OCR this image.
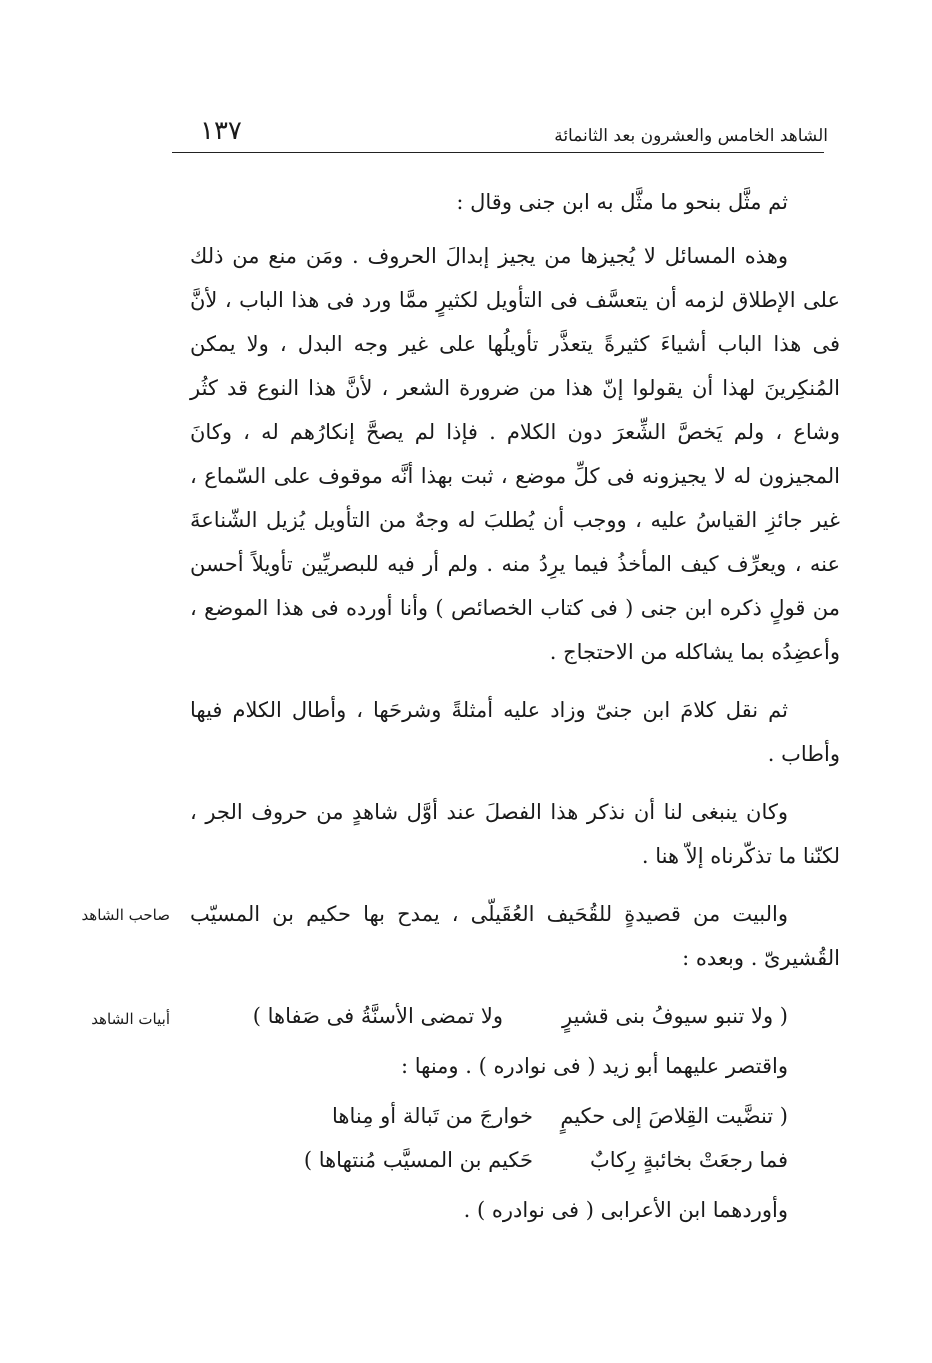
الشاهد الخامس والعشرون بعد الثانمائة
١٣٧
صاحب الشاهد
أبيات الشاهد

ثم مثَّل بنحو ما مثَّل به ابن جنى وقال :

وهذه المسائل لا يُجيزها من يجيز إبدالَ الحروف . ومَن منع من ذلك على الإطلاق لزمه أن يتعسَّف فى التأويل لكثيرٍ ممَّا ورد فى هذا الباب ، لأنَّ فى هذا الباب أشياءَ كثيرةً يتعذَّر تأويلُها على غير وجه البدل ، ولا يمكن المُنكِرينَ لهذا أن يقولوا إنّ هذا من ضرورة الشعر ، لأنَّ هذا النوع قد كثُر وشاع ، ولم يَخصَّ الشِّعرَ دون الكلام . فإذا لم يصحَّ إنكارُهم له ، وكانَ المجيزون له لا يجيزونه فى كلِّ موضع ، ثبت بهذا أنَّه موقوف على السّماع ، غير جائزِ القياسُ عليه ، ووجب أن يُطلبَ له وجهٌ من التأويل يُزيل الشّناعةَ عنه ، ويعرِّف كيف المأخذُ فيما يرِدُ منه . ولم أر فيه للبصريِّين تأويلاً أحسن من قولٍ ذكره ابن جنى ( فى كتاب الخصائص ) وأنا أورده فى هذا الموضع ، وأعضِدُه بما يشاكله من الاحتجاج .

ثم نقل كلامَ ابن جنىّ وزاد عليه أمثلةً وشرحَها ، وأطال الكلام فيها وأطاب .

وكان ينبغى لنا أن نذكر هذا الفصلَ عند أوَّل شاهدٍ من حروف الجر ، لكنّنا ما تذكّرناه إلاّ هنا .

والبيت من قصيدةٍ للقُحَيف العُقَيلّى ، يمدح بها حكيم بن المسيّب القُشيرىّ . وبعده :

( ولا تنبو سيوفُ بنى قشيرٍ
ولا تمضى الأسنَّةُ فى صَفاها )

واقتصر عليهما أبو زيد ( فى نوادره ) . ومنها :

( تنضَّيت القِلاصَ إلى حكيمٍ
خوارجَ من تَبالة أو مِناها
فما رجعَتْ بخائبةٍ رِكابٌ
حَكيم بن المسيَّب مُنتهاها )

وأوردهما ابن الأعرابى ( فى نوادره ) .
